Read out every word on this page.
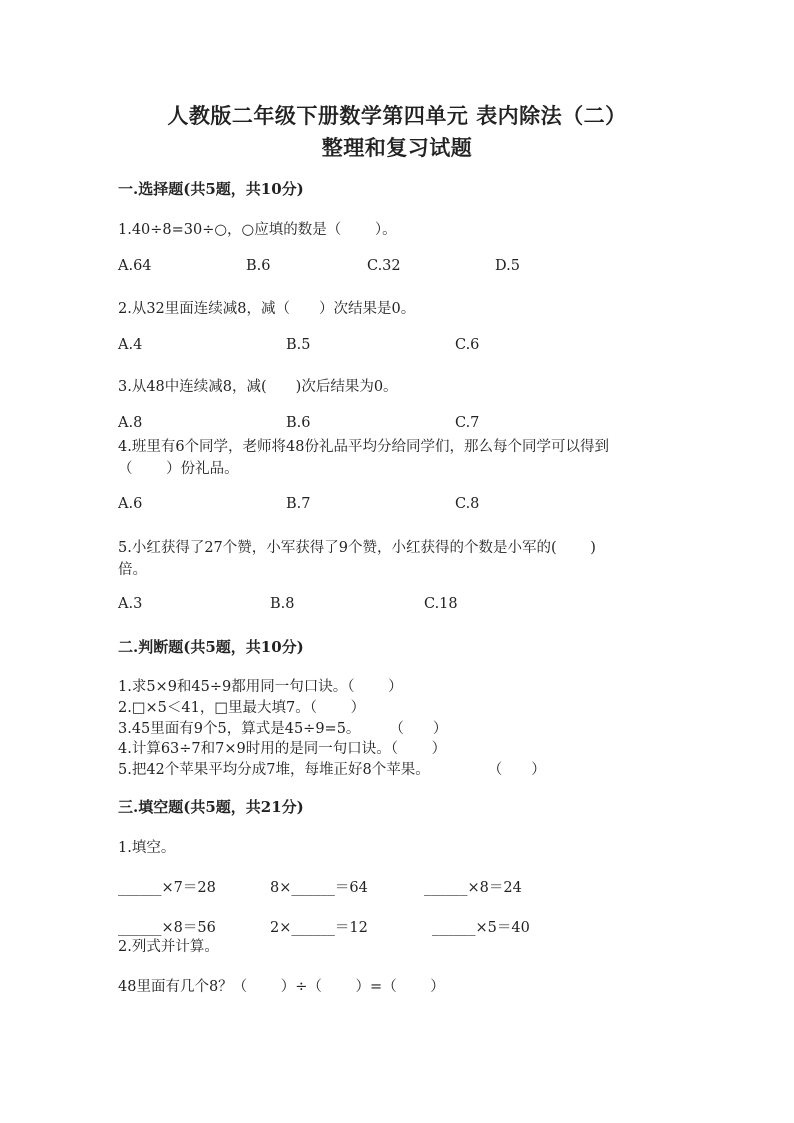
人教版二年级下册数学第四单元 表内除法（二）
整理和复习试题
一.选择题(共5题，共10分)
1.40÷8=30÷○，○应填的数是（　　 ）。
A.64	B.6	C.32	D.5
2.从32里面连续减8，减（　　）次结果是0。
A.4	B.5	C.6
3.从48中连续减8，减(　　)次后结果为0。
A.8	B.6	C.7
4.班里有6个同学，老师将48份礼品平均分给同学们，那么每个同学可以得到
（　　 ）份礼品。
A.6	B.7	C.8
5.小红获得了27个赞，小军获得了9个赞，小红获得的个数是小军的(　　 )
倍。
A.3	B.8	C.18
二.判断题(共5题，共10分)
1.求5×9和45÷9都用同一句口诀。（　　 ）
2.□×5＜41，□里最大填7。（　　 ）
3.45里面有9个5，算式是45÷9=5。　　　（　　）
4.计算63÷7和7×9时用的是同一句口诀。（　　 ）
5.把42个苹果平均分成7堆，每堆正好8个苹果。　　　　　（　　）
三.填空题(共5题，共21分)
1.填空。
______×7＝28	8×______＝64	______×8＝24
______×8＝56	2×______＝12	______×5＝40
2.列式并计算。
48里面有几个8？（　　 ）÷（　　 ）=（　　 ）
